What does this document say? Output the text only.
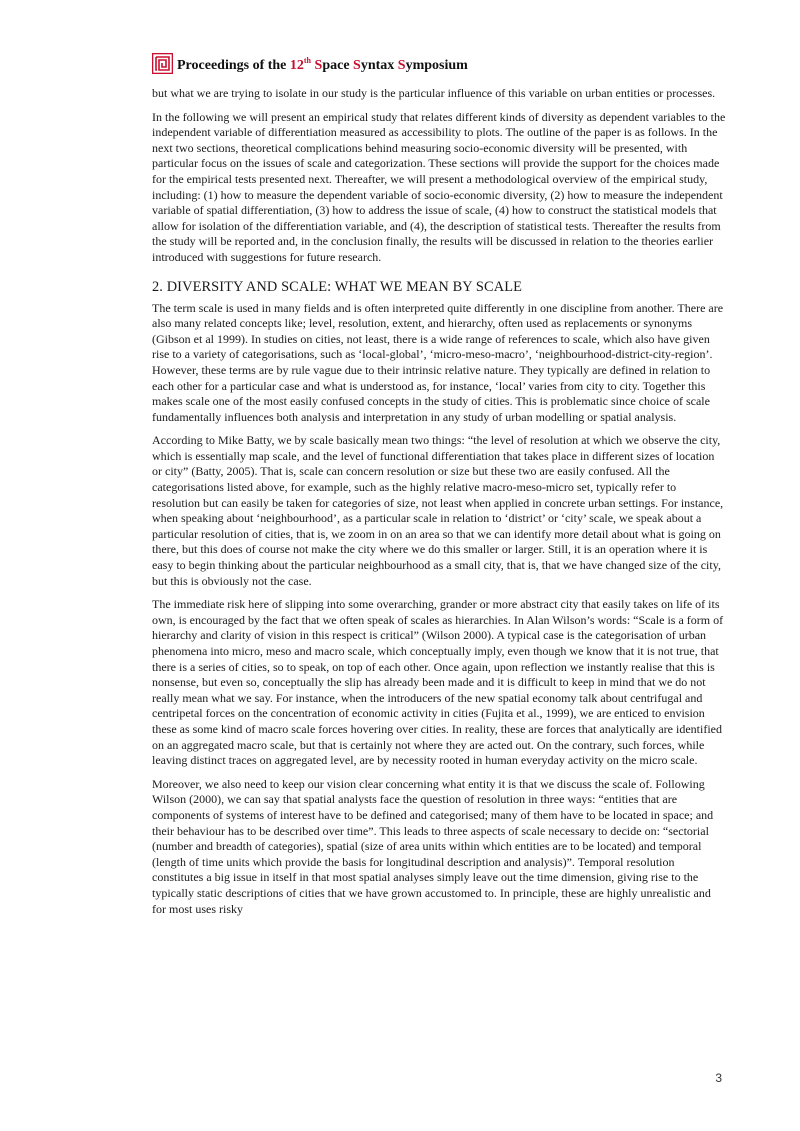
Proceedings of the 12th Space Syntax Symposium

but what we are trying to isolate in our study is the particular influence of this variable on urban entities or processes.

In the following we will present an empirical study that relates different kinds of diversity as dependent variables to the independent variable of differentiation measured as accessibility to plots. The outline of the paper is as follows. In the next two sections, theoretical complications behind measuring socio-economic diversity will be presented, with particular focus on the issues of scale and categorization. These sections will provide the support for the choices made for the empirical tests presented next. Thereafter, we will present a methodological overview of the empirical study, including: (1) how to measure the dependent variable of socio-economic diversity, (2) how to measure the independent variable of spatial differentiation, (3) how to address the issue of scale, (4) how to construct the statistical models that allow for isolation of the differentiation variable, and (4), the description of statistical tests. Thereafter the results from the study will be reported and, in the conclusion finally, the results will be discussed in relation to the theories earlier introduced with suggestions for future research.

2. DIVERSITY AND SCALE: WHAT WE MEAN BY SCALE

The term scale is used in many fields and is often interpreted quite differently in one discipline from another. There are also many related concepts like; level, resolution, extent, and hierarchy, often used as replacements or synonyms (Gibson et al 1999). In studies on cities, not least, there is a wide range of references to scale, which also have given rise to a variety of categorisations, such as ‘local-global’, ‘micro-meso-macro’, ‘neighbourhood-district-city-region’. However, these terms are by rule vague due to their intrinsic relative nature. They typically are defined in relation to each other for a particular case and what is understood as, for instance, ‘local’ varies from city to city. Together this makes scale one of the most easily confused concepts in the study of cities. This is problematic since choice of scale fundamentally influences both analysis and interpretation in any study of urban modelling or spatial analysis.

According to Mike Batty, we by scale basically mean two things: “the level of resolution at which we observe the city, which is essentially map scale, and the level of functional differentiation that takes place in different sizes of location or city” (Batty, 2005). That is, scale can concern resolution or size but these two are easily confused. All the categorisations listed above, for example, such as the highly relative macro-meso-micro set, typically refer to resolution but can easily be taken for categories of size, not least when applied in concrete urban settings. For instance, when speaking about ‘neighbourhood’, as a particular scale in relation to ‘district’ or ‘city’ scale, we speak about a particular resolution of cities, that is, we zoom in on an area so that we can identify more detail about what is going on there, but this does of course not make the city where we do this smaller or larger. Still, it is an operation where it is easy to begin thinking about the particular neighbourhood as a small city, that is, that we have changed size of the city, but this is obviously not the case.

The immediate risk here of slipping into some overarching, grander or more abstract city that easily takes on life of its own, is encouraged by the fact that we often speak of scales as hierarchies. In Alan Wilson’s words: “Scale is a form of hierarchy and clarity of vision in this respect is critical” (Wilson 2000). A typical case is the categorisation of urban phenomena into micro, meso and macro scale, which conceptually imply, even though we know that it is not true, that there is a series of cities, so to speak, on top of each other. Once again, upon reflection we instantly realise that this is nonsense, but even so, conceptually the slip has already been made and it is difficult to keep in mind that we do not really mean what we say. For instance, when the introducers of the new spatial economy talk about centrifugal and centripetal forces on the concentration of economic activity in cities (Fujita et al., 1999), we are enticed to envision these as some kind of macro scale forces hovering over cities. In reality, these are forces that analytically are identified on an aggregated macro scale, but that is certainly not where they are acted out. On the contrary, such forces, while leaving distinct traces on aggregated level, are by necessity rooted in human everyday activity on the micro scale.

Moreover, we also need to keep our vision clear concerning what entity it is that we discuss the scale of. Following Wilson (2000), we can say that spatial analysts face the question of resolution in three ways: “entities that are components of systems of interest have to be defined and categorised; many of them have to be located in space; and their behaviour has to be described over time”. This leads to three aspects of scale necessary to decide on: “sectorial (number and breadth of categories), spatial (size of area units within which entities are to be located) and temporal (length of time units which provide the basis for longitudinal description and analysis)”. Temporal resolution constitutes a big issue in itself in that most spatial analyses simply leave out the time dimension, giving rise to the typically static descriptions of cities that we have grown accustomed to. In principle, these are highly unrealistic and for most uses risky

3
